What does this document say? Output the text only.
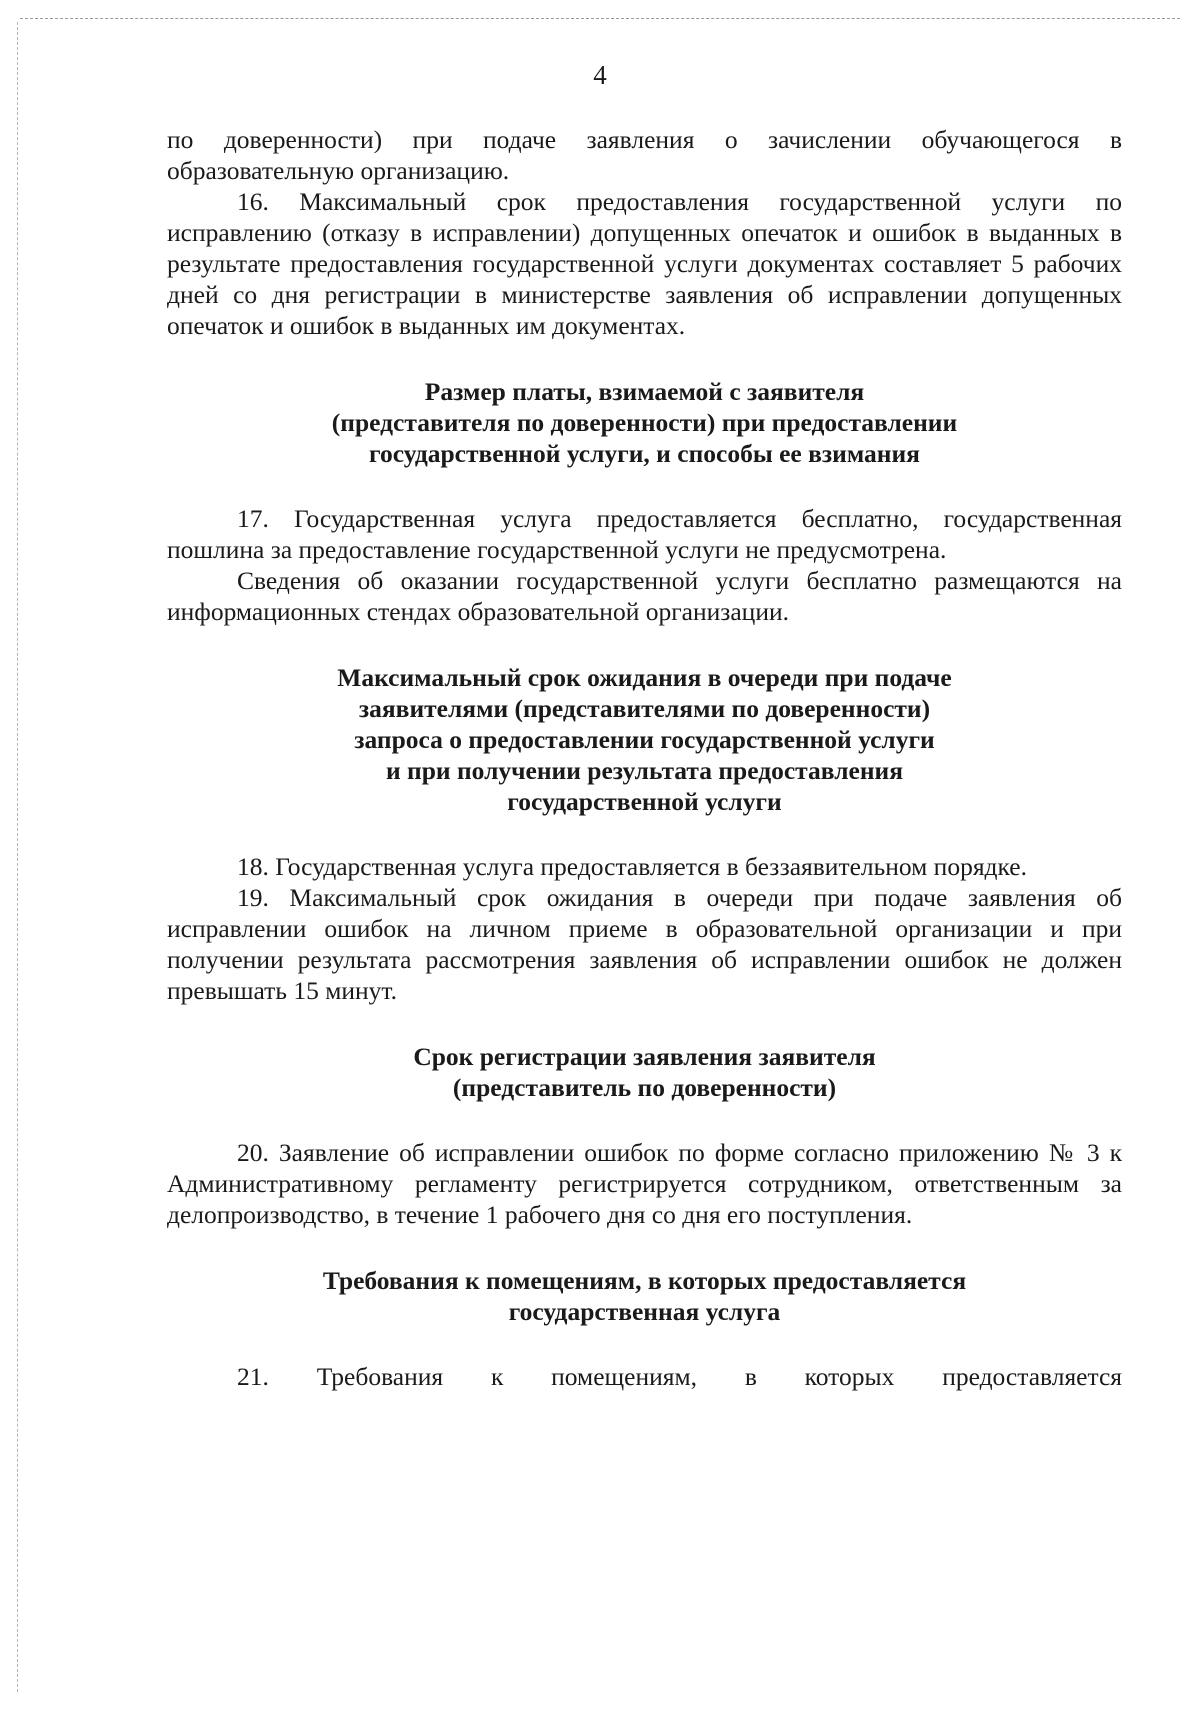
4

по доверенности) при подаче заявления о зачислении обучающегося в образовательную организацию.

16. Максимальный срок предоставления государственной услуги по исправлению (отказу в исправлении) допущенных опечаток и ошибок в выданных в результате предоставления государственной услуги документах составляет 5 рабочих дней со дня регистрации в министерстве заявления об исправлении допущенных опечаток и ошибок в выданных им документах.

Размер платы, взимаемой с заявителя
(представителя по доверенности) при предоставлении
государственной услуги, и способы ее взимания

17. Государственная услуга предоставляется бесплатно, государственная пошлина за предоставление государственной услуги не предусмотрена.

Сведения об оказании государственной услуги бесплатно размещаются на информационных стендах образовательной организации.

Максимальный срок ожидания в очереди при подаче
заявителями (представителями по доверенности)
запроса о предоставлении государственной услуги
и при получении результата предоставления
государственной услуги

18. Государственная услуга предоставляется в беззаявительном порядке.

19. Максимальный срок ожидания в очереди при подаче заявления об исправлении ошибок на личном приеме в образовательной организации и при получении результата рассмотрения заявления об исправлении ошибок не должен превышать 15 минут.

Срок регистрации заявления заявителя
(представитель по доверенности)

20. Заявление об исправлении ошибок по форме согласно приложению № 3 к Административному регламенту регистрируется сотрудником, ответственным за делопроизводство, в течение 1 рабочего дня со дня его поступления.

Требования к помещениям, в которых предоставляется
государственная услуга

21. Требования к помещениям, в которых предоставляется
